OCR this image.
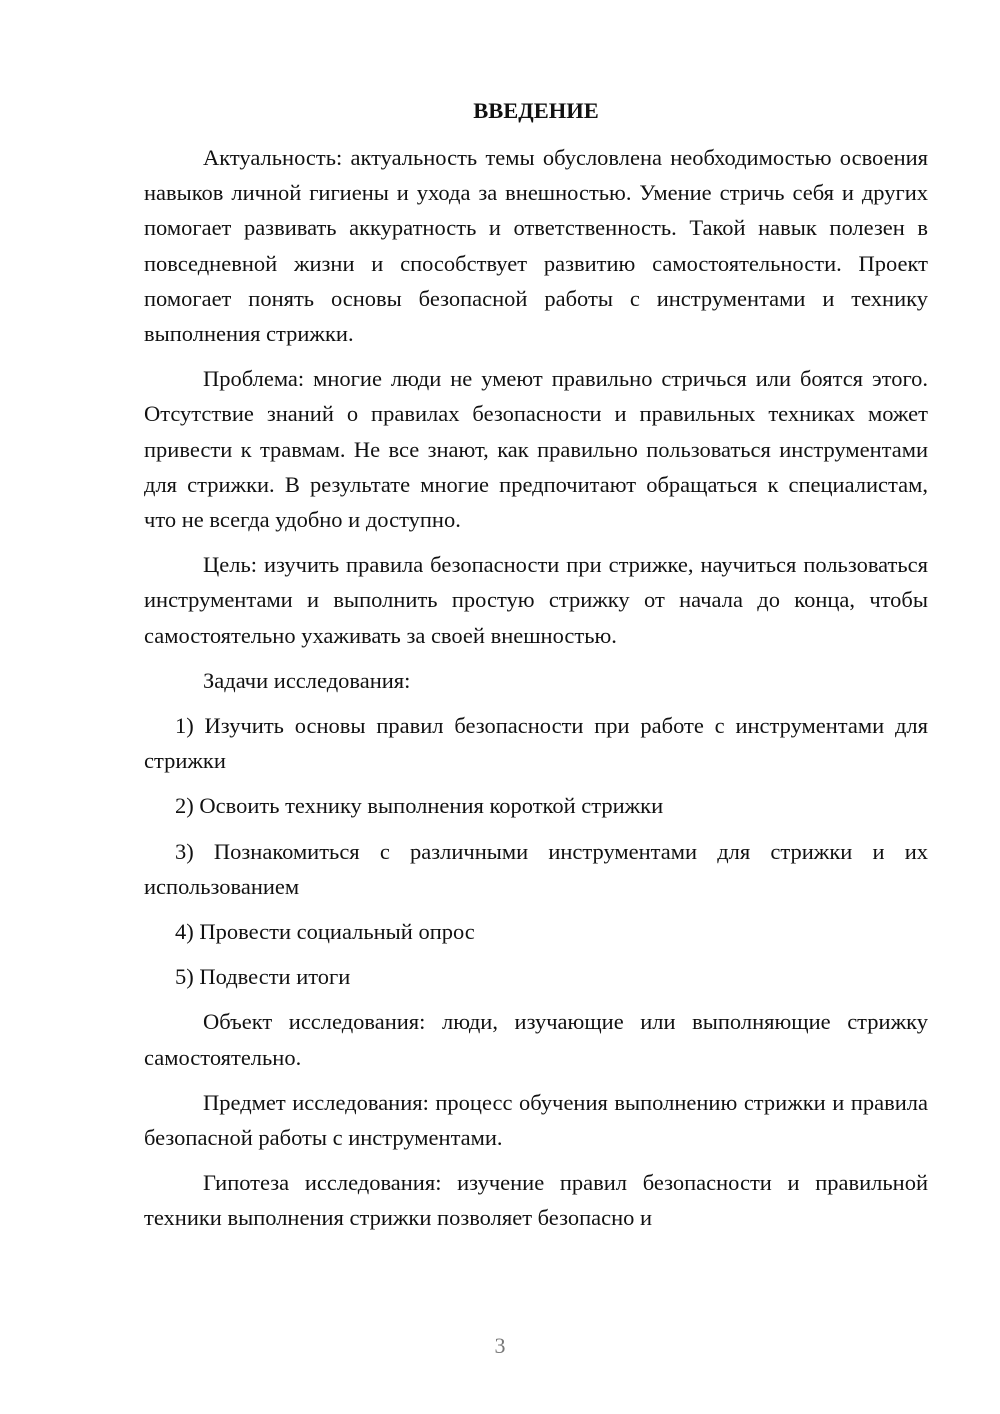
ВВЕДЕНИЕ

Актуальность: актуальность темы обусловлена необходимостью освоения навыков личной гигиены и ухода за внешностью. Умение стричь себя и других помогает развивать аккуратность и ответственность. Такой навык полезен в повседневной жизни и способствует развитию самостоятельности. Проект помогает понять основы безопасной работы с инструментами и технику выполнения стрижки.

Проблема: многие люди не умеют правильно стричься или боятся этого. Отсутствие знаний о правилах безопасности и правильных техниках может привести к травмам. Не все знают, как правильно пользоваться инструментами для стрижки. В результате многие предпочитают обращаться к специалистам, что не всегда удобно и доступно.

Цель: изучить правила безопасности при стрижке, научиться пользоваться инструментами и выполнить простую стрижку от начала до конца, чтобы самостоятельно ухаживать за своей внешностью.

Задачи исследования:

1) Изучить основы правил безопасности при работе с инструментами для стрижки

2) Освоить технику выполнения короткой стрижки

3) Познакомиться с различными инструментами для стрижки и их использованием

4) Провести социальный опрос

5) Подвести итоги

Объект исследования: люди, изучающие или выполняющие стрижку самостоятельно.

Предмет исследования: процесс обучения выполнению стрижки и правила безопасной работы с инструментами.

Гипотеза исследования: изучение правил безопасности и правильной техники выполнения стрижки позволяет безопасно и

3
